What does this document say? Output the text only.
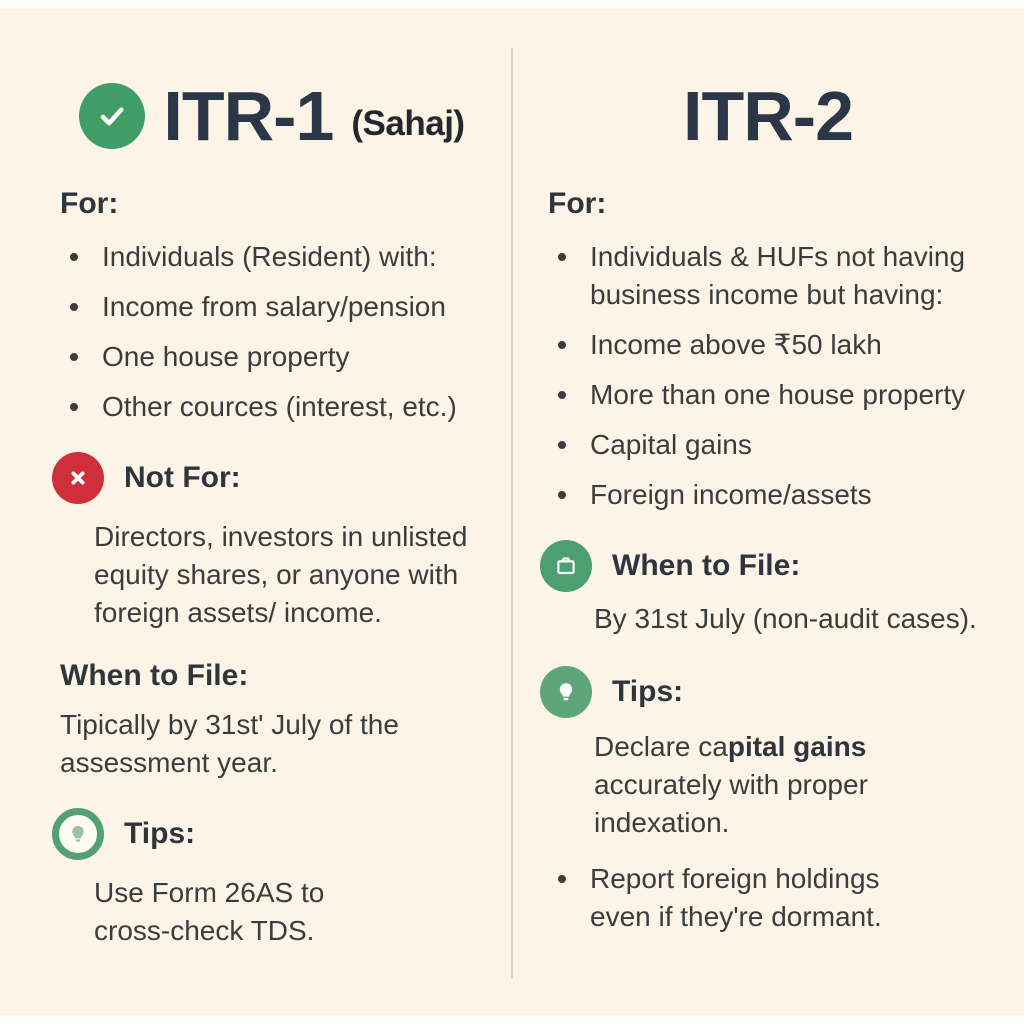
ITR-1 (Sahaj)
For:
Individuals (Resident) with:
Income from salary/pension
One house property
Other cources (interest, etc.)
Not For:

Directors, investors in unlisted equity shares, or anyone with foreign assets/ income.

When to File:

Tipically by 31st' July of the assessment year.

Tips:

Use Form 26AS to cross-check TDS.

ITR-2
For:
Individuals & HUFs not having business income but having:
Income above ₹50 lakh
More than one house property
Capital gains
Foreign income/assets
When to File:

By 31st July (non-audit cases).

Tips:

Declare capital gains accurately with proper indexation.

Report foreign holdings even if they're dormant.
